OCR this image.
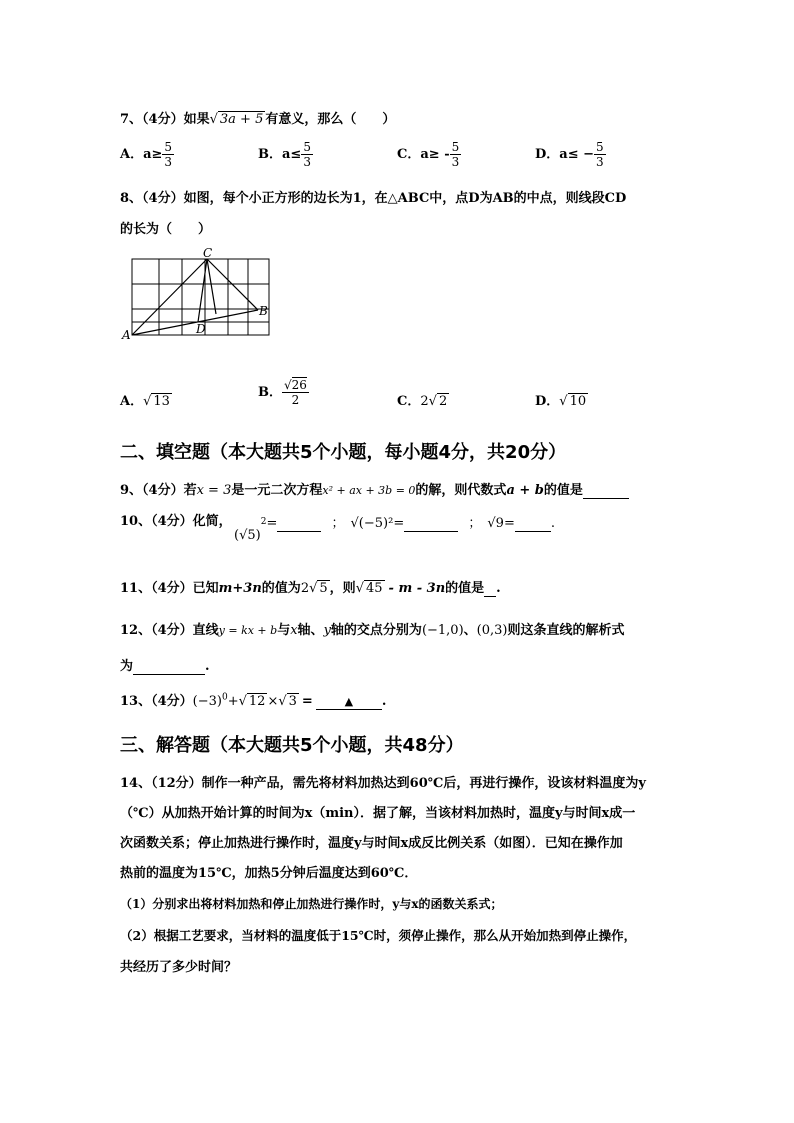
7、（4分）如果√ 3a + 5 有意义，那么（　　）
A．$a\ge \frac{5}{3}$	B．$a\le \frac{5}{3}$	C．$a\ge - \frac{5}{3}$	D．$a\le - \frac{5}{3}$
8、（4分）如图，每个小正方形的边长为1，在△ABC中，点D为AB的中点，则线段CD
的长为（　　）
A
B
C
D
A．√ 13
B． $\frac{√26}{2}$	C．2√ 2	D．√ 10
二、填空题（本大题共5个小题，每小题4分，共20分）
9、（4分）若x = 3是一元二次方程x² + ax + 3b = 0的解，则代数式a + b的值是
10、（4分）化简，
$(√5)^2=$	； √(−5)²=	； √9=	.
11、（4分）已知m+3n的值为2√ 5 ，则√ 45 - m - 3n的值是 .
12、（4分）直线y = kx + b与x轴、y轴的交点分别为(−1,0)、(0,3)则这条直线的解析式
为	.
13、（4分）$(-3)^0+√$ 12 ×√ 3 =	▲ .
三、解答题（本大题共5个小题，共48分）
14、（12分）制作一种产品，需先将材料加热达到60℃后，再进行操作，设该材料温度为y
（℃）从加热开始计算的时间为x（min）．据了解，当该材料加热时，温度y与时间x成一
次函数关系；停止加热进行操作时，温度y与时间x成反比例关系（如图）．已知在操作加
热前的温度为15℃，加热5分钟后温度达到60℃．
（1）分别求出将材料加热和停止加热进行操作时，y与x的函数关系式；
（2）根据工艺要求，当材料的温度低于15℃时，须停止操作，那么从开始加热到停止操作，
共经历了多少时间？
